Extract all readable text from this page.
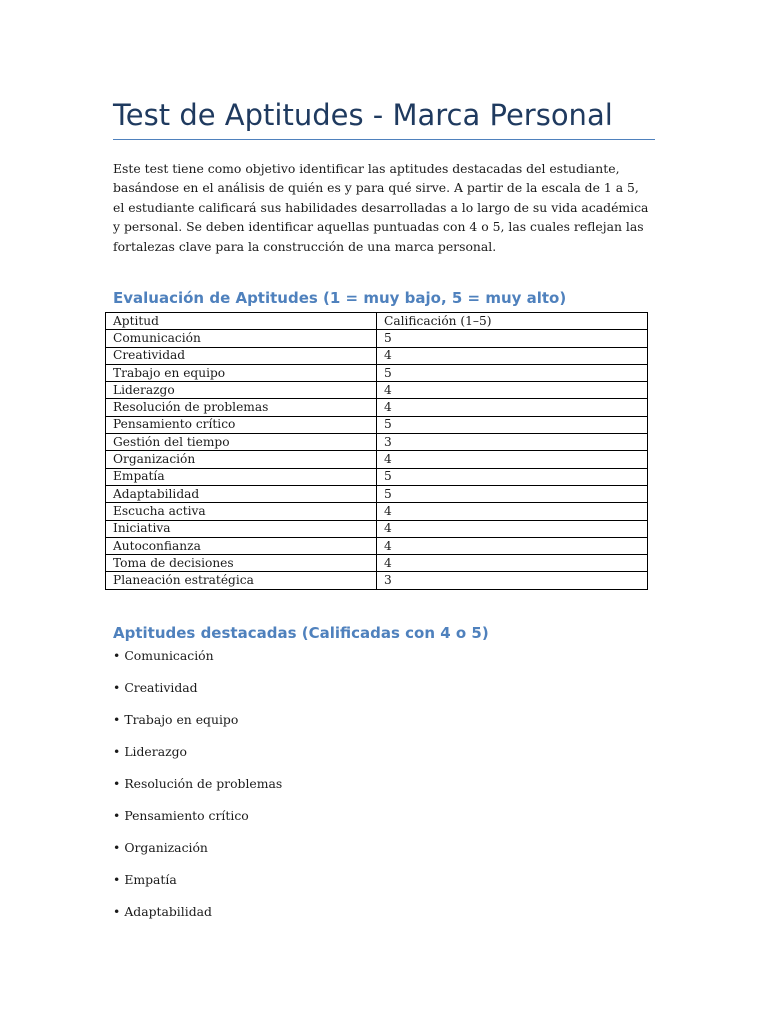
Test de Aptitudes - Marca Personal

Este test tiene como objetivo identificar las aptitudes destacadas del estudiante, basándose en el análisis de quién es y para qué sirve. A partir de la escala de 1 a 5, el estudiante calificará sus habilidades desarrolladas a lo largo de su vida académica y personal. Se deben identificar aquellas puntuadas con 4 o 5, las cuales reflejan las fortalezas clave para la construcción de una marca personal.

Evaluación de Aptitudes (1 = muy bajo, 5 = muy alto)
Aptitud	Calificación (1–5)
Comunicación	5
Creatividad	4
Trabajo en equipo	5
Liderazgo	4
Resolución de problemas	4
Pensamiento crítico	5
Gestión del tiempo	3
Organización	4
Empatía	5
Adaptabilidad	5
Escucha activa	4
Iniciativa	4
Autoconfianza	4
Toma de decisiones	4
Planeación estratégica	3
Aptitudes destacadas (Calificadas con 4 o 5)
• Comunicación
• Creatividad
• Trabajo en equipo
• Liderazgo
• Resolución de problemas
• Pensamiento crítico
• Organización
• Empatía
• Adaptabilidad
